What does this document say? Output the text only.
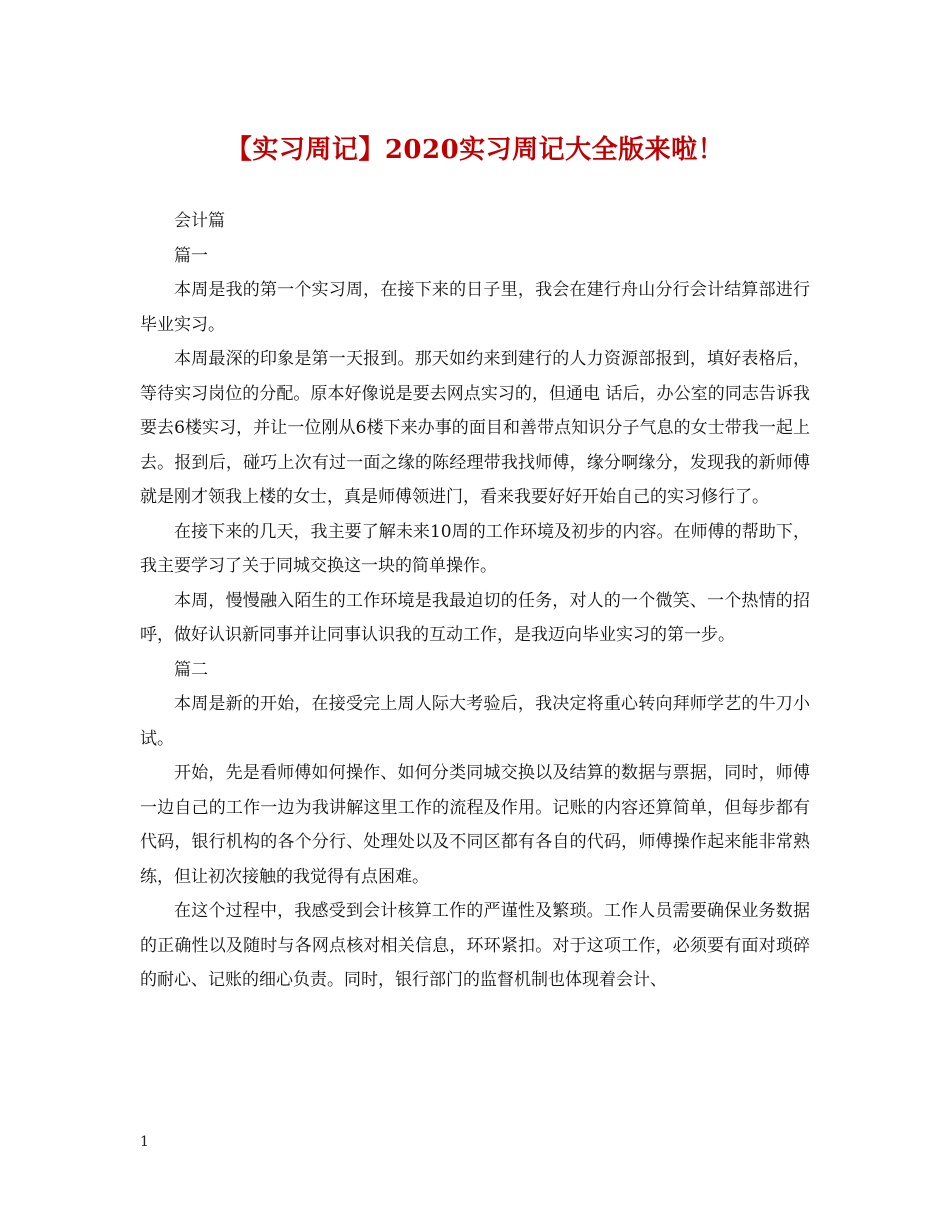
【实习周记】2020实习周记大全版来啦！

会计篇

篇一

本周是我的第一个实习周，在接下来的日子里，我会在建行舟山分行会计结算部进行毕业实习。

本周最深的印象是第一天报到。那天如约来到建行的人力资源部报到，填好表格后，等待实习岗位的分配。原本好像说是要去网点实习的，但通电 话后，办公室的同志告诉我要去6楼实习，并让一位刚从6楼下来办事的面目和善带点知识分子气息的女士带我一起上去。报到后，碰巧上次有过一面之缘的陈经理带我找师傅，缘分啊缘分，发现我的新师傅就是刚才领我上楼的女士，真是师傅领进门，看来我要好好开始自己的实习修行了。

在接下来的几天，我主要了解未来10周的工作环境及初步的内容。在师傅的帮助下，我主要学习了关于同城交换这一块的简单操作。

本周，慢慢融入陌生的工作环境是我最迫切的任务，对人的一个微笑、一个热情的招呼，做好认识新同事并让同事认识我的互动工作，是我迈向毕业实习的第一步。

篇二

本周是新的开始，在接受完上周人际大考验后，我决定将重心转向拜师学艺的牛刀小试。

开始，先是看师傅如何操作、如何分类同城交换以及结算的数据与票据，同时，师傅一边自己的工作一边为我讲解这里工作的流程及作用。记账的内容还算简单，但每步都有代码，银行机构的各个分行、处理处以及不同区都有各自的代码，师傅操作起来能非常熟练，但让初次接触的我觉得有点困难。

在这个过程中，我感受到会计核算工作的严谨性及繁琐。工作人员需要确保业务数据的正确性以及随时与各网点核对相关信息，环环紧扣。对于这项工作，必须要有面对琐碎的耐心、记账的细心负责。同时，银行部门的监督机制也体现着会计、

1
